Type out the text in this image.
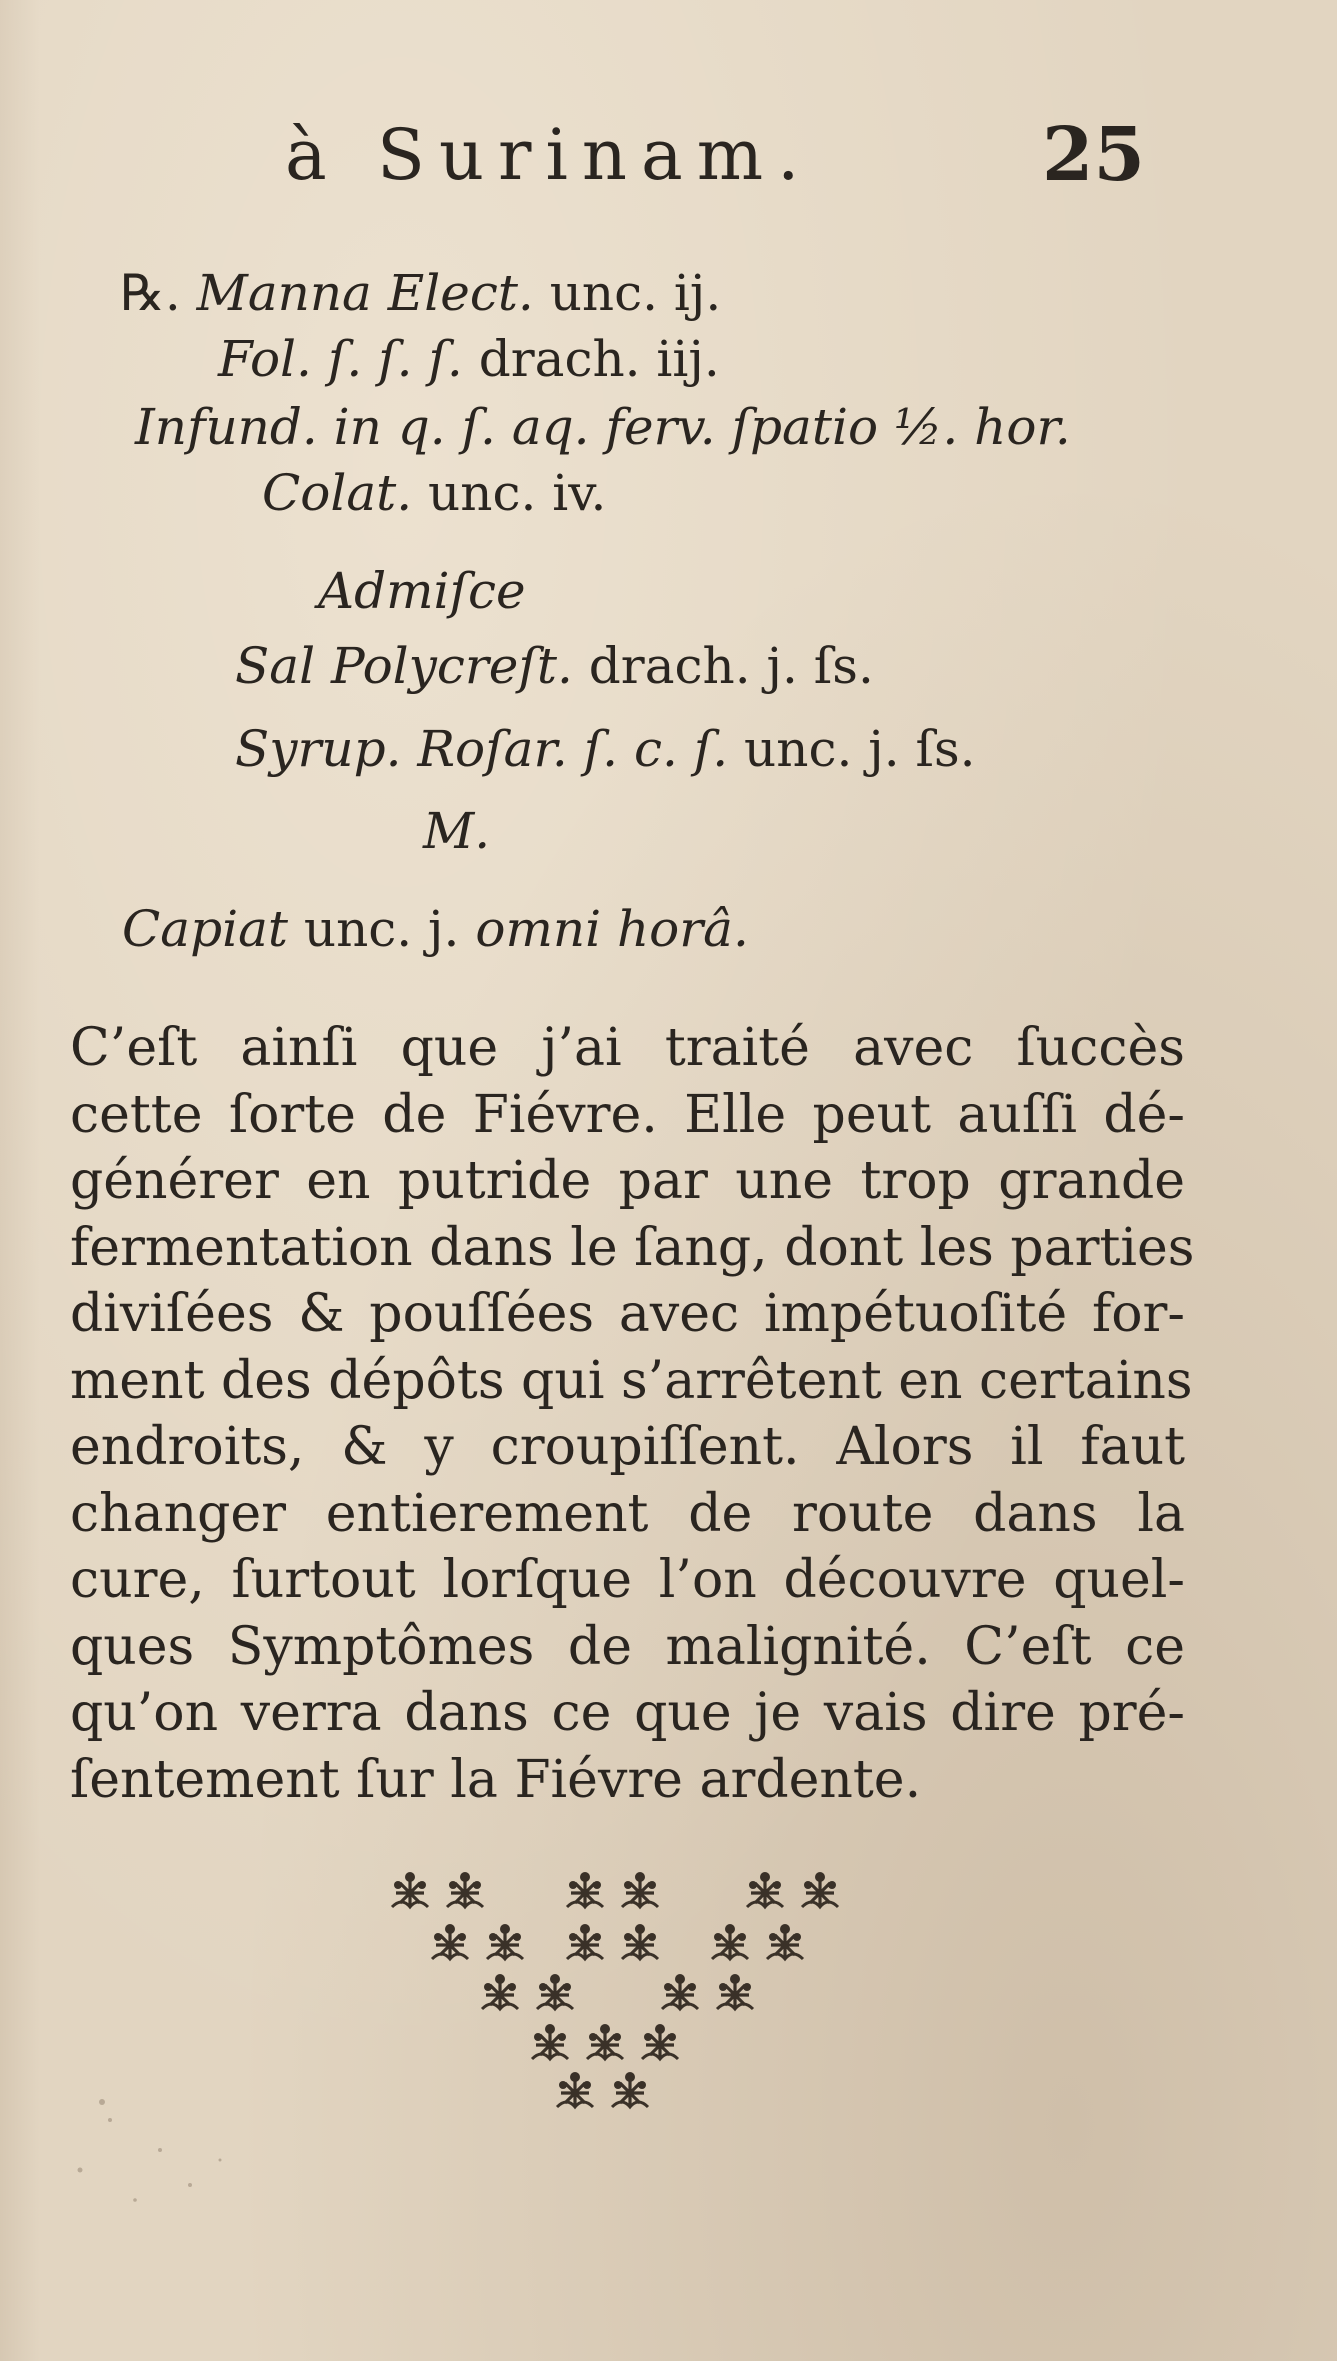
à Surinam.	25
℞. Manna Elect. unc. ij.
Fol. ſ. ſ. ſ. drach. iij.
Infund. in q. ſ. aq. ferv. ſpatio ½. hor.
Colat. unc. iv.
Admiſce
Sal Polycreſt. drach. j. ſs.
Syrup. Roſar. ſ. c. ſ. unc. j. ſs.
M.
Capiat unc. j. omni horâ.
C’eſt ainſi que j’ai traité avec ſuccès
cette ſorte de Fiévre. Elle peut auſſi dé-
générer en putride par une trop grande
fermentation dans le ſang, dont les parties
diviſées & pouſſées avec impétuoſité for-
ment des dépôts qui s’arrêtent en certains
endroits, & y croupiſſent. Alors il faut
changer entierement de route dans la
cure, ſurtout lorſque l’on découvre quel-
ques Symptômes de malignité. C’eſt ce
qu’on verra dans ce que je vais dire pré-
ſentement ſur la Fiévre ardente.
